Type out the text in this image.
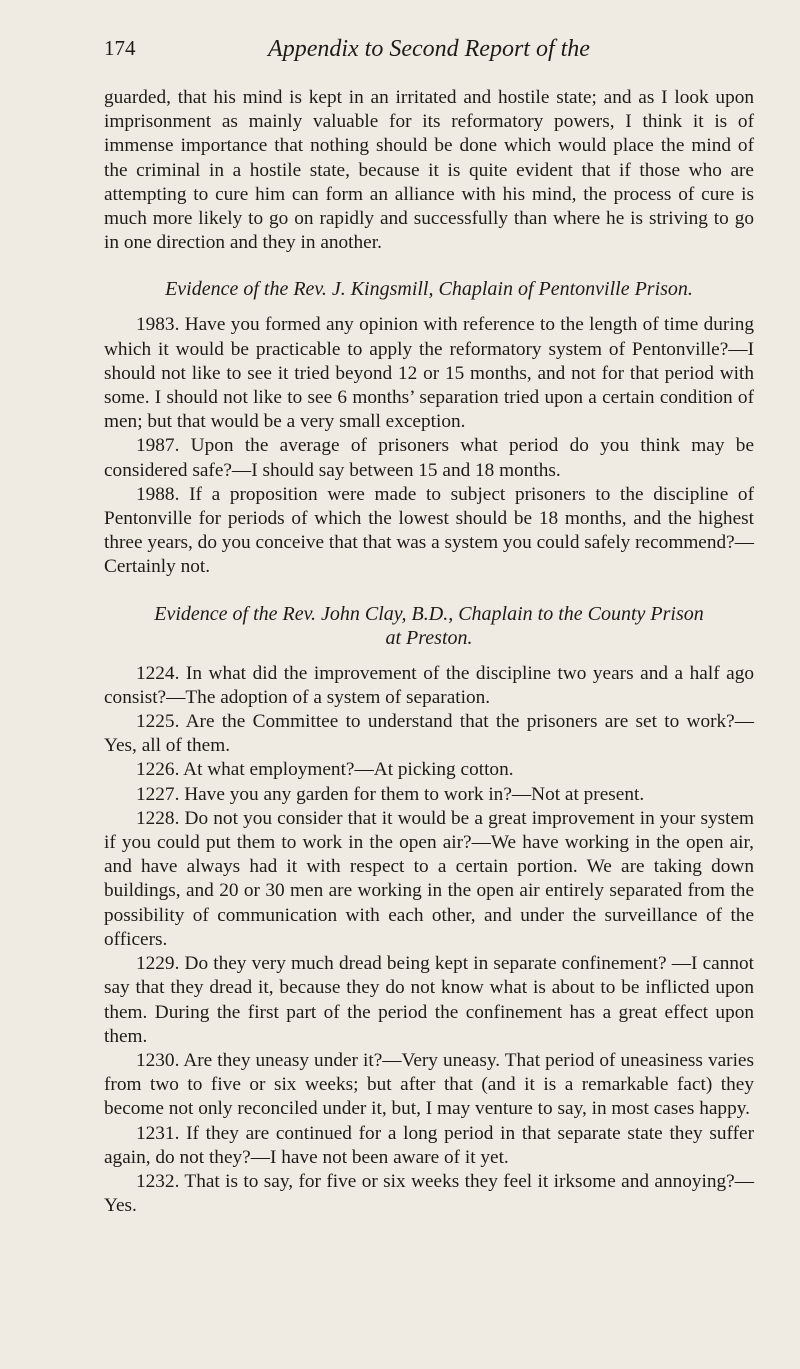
174	Appendix to Second Report of the

guarded, that his mind is kept in an irritated and hostile state; and as I look upon imprisonment as mainly valuable for its reformatory powers, I think it is of immense importance that nothing should be done which would place the mind of the criminal in a hostile state, because it is quite evident that if those who are attempting to cure him can form an alliance with his mind, the process of cure is much more likely to go on rapidly and successfully than where he is striving to go in one direction and they in another.

Evidence of the Rev. J. Kingsmill, Chaplain of Pentonville Prison.

1983. Have you formed any opinion with reference to the length of time during which it would be practicable to apply the reformatory system of Pentonville?—I should not like to see it tried beyond 12 or 15 months, and not for that period with some. I should not like to see 6 months’ separation tried upon a certain condition of men; but that would be a very small exception.

1987. Upon the average of prisoners what period do you think may be considered safe?—I should say between 15 and 18 months.

1988. If a proposition were made to subject prisoners to the discipline of Pentonville for periods of which the lowest should be 18 months, and the highest three years, do you conceive that that was a system you could safely recommend?—Certainly not.

Evidence of the Rev. John Clay, B.D., Chaplain to the County Prison
at Preston.

1224. In what did the improvement of the discipline two years and a half ago consist?—The adoption of a system of separation.

1225. Are the Committee to understand that the prisoners are set to work?—Yes, all of them.

1226. At what employment?—At picking cotton.

1227. Have you any garden for them to work in?—Not at present.

1228. Do not you consider that it would be a great improvement in your system if you could put them to work in the open air?—We have working in the open air, and have always had it with respect to a certain portion. We are taking down buildings, and 20 or 30 men are working in the open air entirely separated from the possibility of communication with each other, and under the surveillance of the officers.

1229. Do they very much dread being kept in separate confinement? —I cannot say that they dread it, because they do not know what is about to be inflicted upon them. During the first part of the period the confinement has a great effect upon them.

1230. Are they uneasy under it?—Very uneasy. That period of uneasiness varies from two to five or six weeks; but after that (and it is a remarkable fact) they become not only reconciled under it, but, I may venture to say, in most cases happy.

1231. If they are continued for a long period in that separate state they suffer again, do not they?—I have not been aware of it yet.

1232. That is to say, for five or six weeks they feel it irksome and annoying?—Yes.
